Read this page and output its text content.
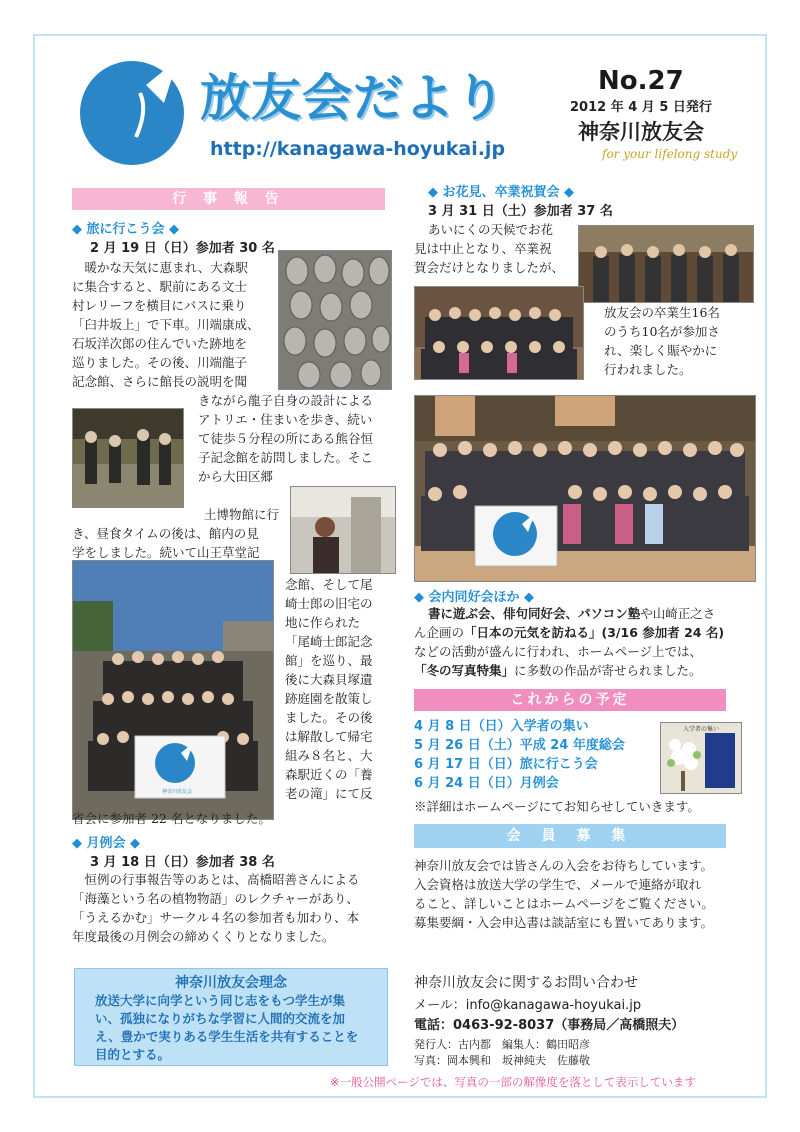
放友会だより
http://kanagawa-hoyukai.jp
No.27
2012 年 4 月 5 日発行
神奈川放友会
for your lifelong study
行 事 報 告
◆ 旅に行こう会 ◆
2 月 19 日（日）参加者 30 名
　暖かな天気に恵まれ、大森駅
に集合すると、駅前にある文士
村レリーフを横目にバスに乗り
「臼井坂上」で下車。川端康成、
石坂洋次郎の住んでいた跡地を
巡りました。その後、川端龍子
記念館、さらに館長の説明を聞
きながら龍子自身の設計による
アトリエ・住まいを歩き、続い
て徒歩５分程の所にある熊谷恒
子記念館を訪問しました。そこ
から大田区郷
土博物館に行
き、昼食タイムの後は、館内の見
学をしました。続いて山王草堂記
神奈川放友会
念館、そして尾
崎士郎の旧宅の
地に作られた
「尾崎士郎記念
館」を巡り、最
後に大森貝塚遺
跡庭園を散策し
ました。その後
は解散して帰宅
組み８名と、大
森駅近くの「養
老の滝」にて反
省会に参加者 22 名となりました。
◆ 月例会 ◆
3 月 18 日（日）参加者 38 名
　恒例の行事報告等のあとは、高橋昭善さんによる
「海藻という名の植物物語」のレクチャーがあり、
「うえるかむ」サークル４名の参加者も加わり、本
年度最後の月例会の締めくくりとなりました。
◆ お花見、卒業祝賀会 ◆
3 月 31 日（土）参加者 37 名
あいにくの天候でお花
見は中止となり、卒業祝
賀会だけとなりましたが、
放友会の卒業生16名
のうち10名が参加さ
れ、楽しく賑やかに
行われました。
◆ 会内同好会ほか ◆
書に遊ぶ会、俳句同好会、パソコン塾や山崎正之さ
ん企画の「日本の元気を訪ねる」(3/16 参加者 24 名)
などの活動が盛んに行われ、ホームページ上では、
「冬の写真特集」に多数の作品が寄せられました。
これからの予定
4 月 8 日（日）入学者の集い
5 月 26 日（土）平成 24 年度総会
6 月 17 日（日）旅に行こう会
6 月 24 日（日）月例会
入学者の集い
※詳細はホームページにてお知らせしていきます。
会 員 募 集
神奈川放友会では皆さんの入会をお待ちしています。
入会資格は放送大学の学生で、メールで連絡が取れ
ること、詳しいことはホームページをご覧ください。
募集要綱・入会申込書は談話室にも置いてあります。
神奈川放友会理念
放送大学に向学という同じ志をもつ学生が集
い、孤独になりがちな学習に人間的交流を加
え、豊かで実りある学生生活を共有することを
目的とする。
神奈川放友会に関するお問い合わせ
メール：info@kanagawa-hoyukai.jp
電話：0463-92-8037（事務局／高橋照夫）
発行人：古内都　編集人：鶴田昭彦
写真：岡本興和　坂神純夫　佐藤敬
※一般公開ページでは、写真の一部の解像度を落として表示しています
